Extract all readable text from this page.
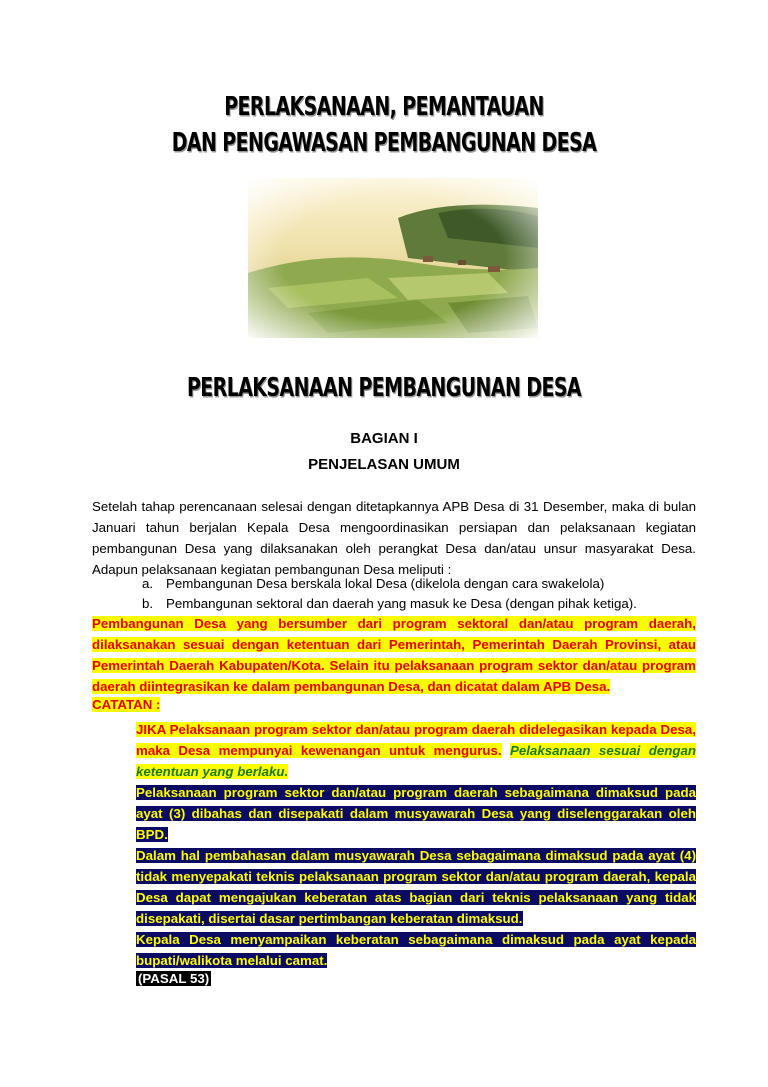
PERLAKSANAAN, PEMANTAUAN
DAN PENGAWASAN PEMBANGUNAN DESA
PERLAKSANAAN PEMBANGUNAN DESA
BAGIAN I
PENJELASAN UMUM
Setelah tahap perencanaan selesai dengan ditetapkannya APB Desa di 31 Desember, maka di bulan Januari tahun berjalan Kepala Desa mengoordinasikan persiapan dan pelaksanaan kegiatan pembangunan Desa yang dilaksanakan oleh perangkat Desa dan/atau unsur masyarakat Desa. Adapun pelaksanaan kegiatan pembangunan Desa meliputi :
a. Pembangunan Desa berskala lokal Desa (dikelola dengan cara swakelola)
b. Pembangunan sektoral dan daerah yang masuk ke Desa (dengan pihak ketiga).
Pembangunan Desa yang bersumber dari program sektoral dan/atau program daerah, dilaksanakan sesuai dengan ketentuan dari Pemerintah, Pemerintah Daerah Provinsi, atau Pemerintah Daerah Kabupaten/Kota. Selain itu pelaksanaan program sektor dan/atau program daerah diintegrasikan ke dalam pembangunan Desa, dan dicatat dalam APB Desa.
CATATAN :
JIKA Pelaksanaan program sektor dan/atau program daerah didelegasikan kepada Desa, maka Desa mempunyai kewenangan untuk mengurus. Pelaksanaan sesuai dengan ketentuan yang berlaku.
Pelaksanaan program sektor dan/atau program daerah sebagaimana dimaksud pada ayat (3) dibahas dan disepakati dalam musyawarah Desa yang diselenggarakan oleh BPD.
Dalam hal pembahasan dalam musyawarah Desa sebagaimana dimaksud pada ayat (4) tidak menyepakati teknis pelaksanaan program sektor dan/atau program daerah, kepala Desa dapat mengajukan keberatan atas bagian dari teknis pelaksanaan yang tidak disepakati, disertai dasar pertimbangan keberatan dimaksud.
Kepala Desa menyampaikan keberatan sebagaimana dimaksud pada ayat kepada bupati/walikota melalui camat.
(PASAL 53)
